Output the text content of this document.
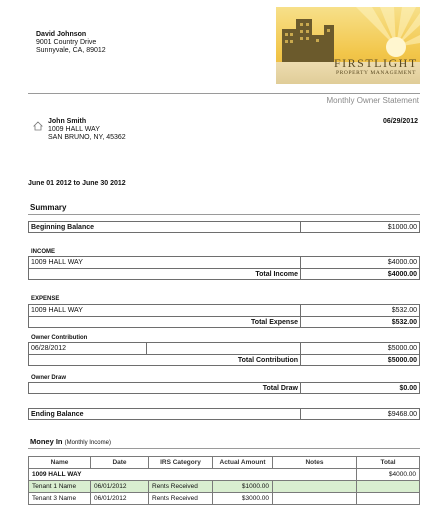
David Johnson
9001 Country Drive
Sunnyvale, CA, 89012
FIRSTLIGHT
PROPERTY MANAGEMENT
Monthly Owner Statement
John Smith
1009 HALL WAY
SAN BRUNO, NY, 45362
06/29/2012
June 01 2012 to June 30 2012
Summary
Beginning Balance	$1000.00
INCOME
1009 HALL WAY	$4000.00
Total Income	$4000.00
EXPENSE
1009 HALL WAY	$532.00
Total Expense	$532.00
Owner Contribution
06/28/2012	$5000.00
Total Contribution	$5000.00
Owner Draw
Total Draw	$0.00
Ending Balance	$9468.00
Money In (Monthly Income)
Name	Date	IRS Category	Actual Amount	Notes	Total
1009 HALL WAY					$4000.00
Tenant 1 Name	06/01/2012	Rents Received	$1000.00		
Tenant 3 Name	06/01/2012	Rents Received	$3000.00		
